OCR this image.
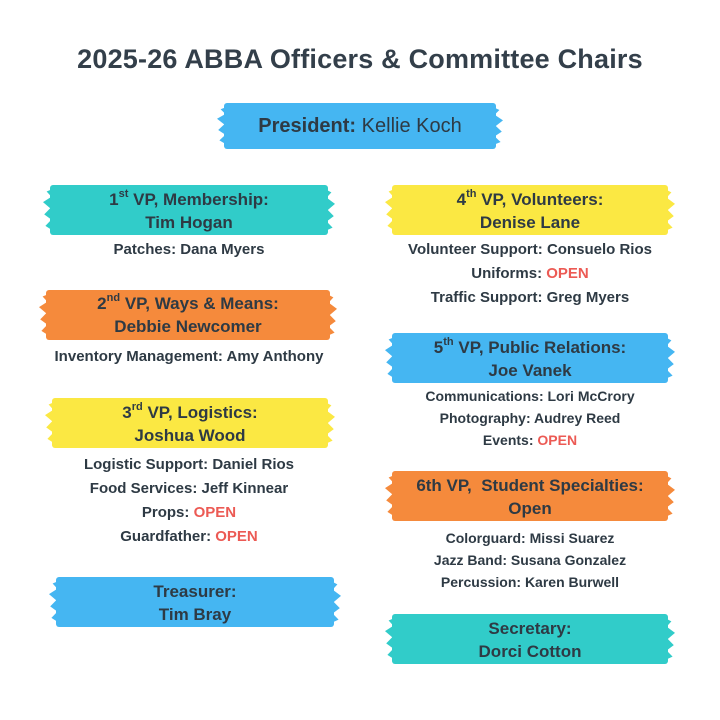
2025-26 ABBA Officers & Committee Chairs
President: Kellie Koch
1st VP, Membership:
Tim Hogan
Patches: Dana Myers
2nd VP, Ways & Means:
Debbie Newcomer
Inventory Management: Amy Anthony
3rd VP, Logistics:
Joshua Wood
Logistic Support: Daniel Rios
Food Services: Jeff Kinnear
Props: OPEN
Guardfather: OPEN
Treasurer:
Tim Bray
4th VP, Volunteers:
Denise Lane
Volunteer Support: Consuelo Rios
Uniforms: OPEN
Traffic Support: Greg Myers
5th VP, Public Relations:
Joe Vanek
Communications: Lori McCrory
Photography: Audrey Reed
Events: OPEN
6th VP,  Student Specialties:
Open
Colorguard: Missi Suarez
Jazz Band: Susana Gonzalez
Percussion: Karen Burwell
Secretary:
Dorci Cotton
